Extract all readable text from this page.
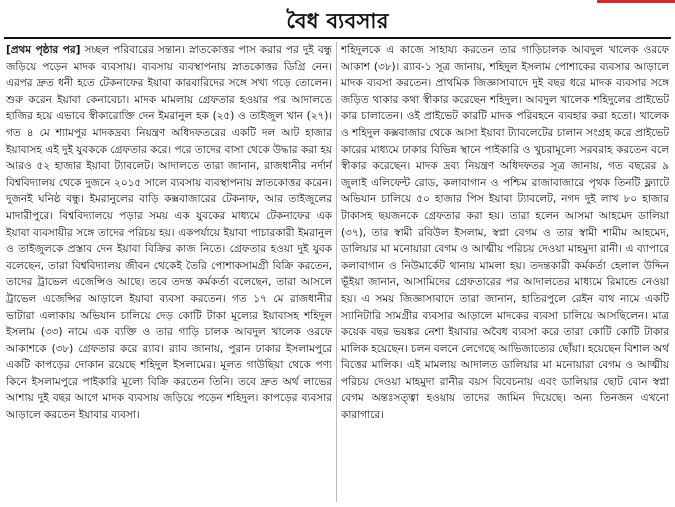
বৈধ ব্যবসার

[প্রথম পৃষ্ঠার পর] সচ্ছল পরিবারের সন্তান। স্নাতকোত্তর পাস করার পর দুই বন্ধু জড়িয়ে পড়েন মাদক ব্যবসায়। ব্যবসায় ব্যবস্থাপনায় স্নাতকোত্তর ডিগ্রি নেন। এরপর দ্রুত ধনী হতে টেকনাফের ইয়াবা কারবারিদের সঙ্গে সখ্য গড়ে তোলেন। শুরু করেন ইয়াবা কেনাবেচা। মাদক মামলায় গ্রেফতার হওয়ার পর আদালতে হাজির হয়ে এভাবে স্বীকারোক্তি দেন ইমরানুল হক (২৫) ও তাইজুল খান (২৭)। গত ৪ মে শ্যামপুর মাদকদ্রব্য নিয়ন্ত্রণ অধিদফতরের একটি দল আট হাজার ইয়াবাসহ এই দুই যুবককে গ্রেফতার করে। পরে তাদের বাসা থেকে উদ্ধার করা হয় আরও ৫২ হাজার ইয়াবা ট্যাবলেট। আদালতে তারা জানান, রাজধানীর নর্দার্ন বিশ্ববিদ্যালয় থেকে দুজনে ২০১৫ সালে ব্যবসায় ব্যবস্থাপনায় স্নাতকোত্তর করেন। দুজনই ঘনিষ্ঠ বন্ধু। ইমরানুলের বাড়ি কক্সবাজারের টেকনাফ, আর তাইজুলের মাদারীপুরে। বিশ্ববিদ্যালয়ে পড়ার সময় এক যুবকের মাধ্যমে টেকনাফের এক ইয়াবা ব্যবসায়ীর সঙ্গে তাদের পরিচয় হয়। একপর্যায়ে ইয়াবা পাচারকারী ইমরানুল ও তাইজুলকে প্রস্তাব দেন ইয়াবা বিক্রির কাজ নিতে। গ্রেফতার হওয়া দুই যুবক বলেছেন, তারা বিশ্ববিদ্যালয় জীবন থেকেই তৈরি পোশাকসামগ্রী বিক্রি করতেন, তাদের ট্রাভেল এজেন্সিও আছে। তবে তদন্ত কর্মকর্তা বলেছেন, তারা আসলে ট্রাভেল এজেন্সির আড়ালে ইয়াবা ব্যবসা করতেন। গত ১৭ মে রাজধানীর ভাটারা এলাকায় অভিযান চালিয়ে দেড় কোটি টাকা মূল্যের ইয়াবাসহ শহিদুল ইসলাম (৩৩) নামে এক ব্যক্তি ও তার গাড়ি চালক আবদুল খালেক ওরফে আকাশকে (৩৮) গ্রেফতার করে র‌্যাব। র‌্যাব জানায়, পুরান ঢাকার ইসলামপুরে একটি কাপড়ের দোকান রয়েছে শহিদুল ইসলামের। মূলত গাউছিয়া থেকে পণ্য কিনে ইসলামপুরে পাইকারি মূল্যে বিক্রি করতেন তিনি। তবে দ্রুত অর্থ লাভের আশায় দুই বছর আগে মাদক ব্যবসায় জড়িয়ে পড়েন শহিদুল। কাপড়ের ব্যবসার আড়ালে করতেন ইয়াবার ব্যবসা।

শহিদুলকে এ কাজে সাহায্য করতেন তার গাড়িচালক আবদুল খালেক ওরফে আকাশ (৩৮)। র‌্যাব-১ সূত্র জানায়, শহিদুল ইসলাম পোশাকের ব্যবসার আড়ালে মাদক ব্যবসা করতেন। প্রাথমিক জিজ্ঞাসাবাদে দুই বছর ধরে মাদক ব্যবসার সঙ্গে জড়িত থাকার কথা স্বীকার করেছেন শহিদুল। আবদুল খালেক শহিদুলের প্রাইভেট কার চালাতেন। ওই প্রাইভেট কারটি মাদক পরিবহনে ব্যবহার করা হতো। খালেক ও শহিদুল কক্সবাজার থেকে আসা ইয়াবা ট্যাবলেটের চালান সংগ্রহ করে প্রাইভেট কারের মাধ্যমে ঢাকার বিভিন্ন স্থানে পাইকারি ও খুচরামূল্যে সরবরাহ করতেন বলে স্বীকার করেছেন। মাদক দ্রব্য নিয়ন্ত্রণ অধিদফতর সূত্র জানায়, গত বছরের ৯ জুলাই এলিফেন্ট রোড, কলাবাগান ও পশ্চিম রাজাবাজারে পৃথক তিনটি ফ্ল্যাটে অভিযান চালিয়ে ৫০ হাজার পিস ইয়াবা ট্যাবলেট, নগদ দুই লাখ ৮০ হাজার টাকাসহ ছয়জনকে গ্রেফতার করা হয়। তারা হলেন আসমা আহমেদ ডালিয়া (৩৭), তার স্বামী রবিউল ইসলাম, স্বপ্না বেগম ও তার স্বামী শামীম আহমেদ, ডালিয়ার মা মনোয়ারা বেগম ও আত্মীয় পরিচয় দেওয়া মাহমুদা রানী। এ ব্যাপারে কলাবাগান ও নিউমার্কেট থানায় মামলা হয়। তদন্তকারী কর্মকর্তা হেলাল উদ্দিন ভূঁইয়া জানান, আসামিদের গ্রেফতারের পর আদালতের মাধ্যমে রিমান্ডে নেওয়া হয়। এ সময় জিজ্ঞাসাবাদে তারা জানান, হাতিরপুলে রেইন বাথ নামে একটি স্যানিটারি সামগ্রীর ব্যবসার আড়ালে মাদকের ব্যবসা চালিয়ে আসছিলেন। মাত্র কয়েক বছর ভয়ঙ্কর নেশা ইয়াবার অবৈধ ব্যবসা করে তারা কোটি কোটি টাকার মালিক হয়েছেন। চলন বলনে লেগেছে আভিজাত্যের ছোঁয়া। হয়েছেন বিশাল অর্থ বিত্তের মালিক। এই মামলায় আদালত ডালিয়ার মা মনোয়ারা বেগম ও আত্মীয় পরিচয় দেওয়া মাহমুদা রানীর বয়স বিবেচনায় এবং ডালিয়ার ছোট বোন স্বপ্না বেগম অন্তঃসত্ত্বা হওয়ায় তাদের জামিন দিয়েছে। অন্য তিনজন এখনো কারাগারে।
